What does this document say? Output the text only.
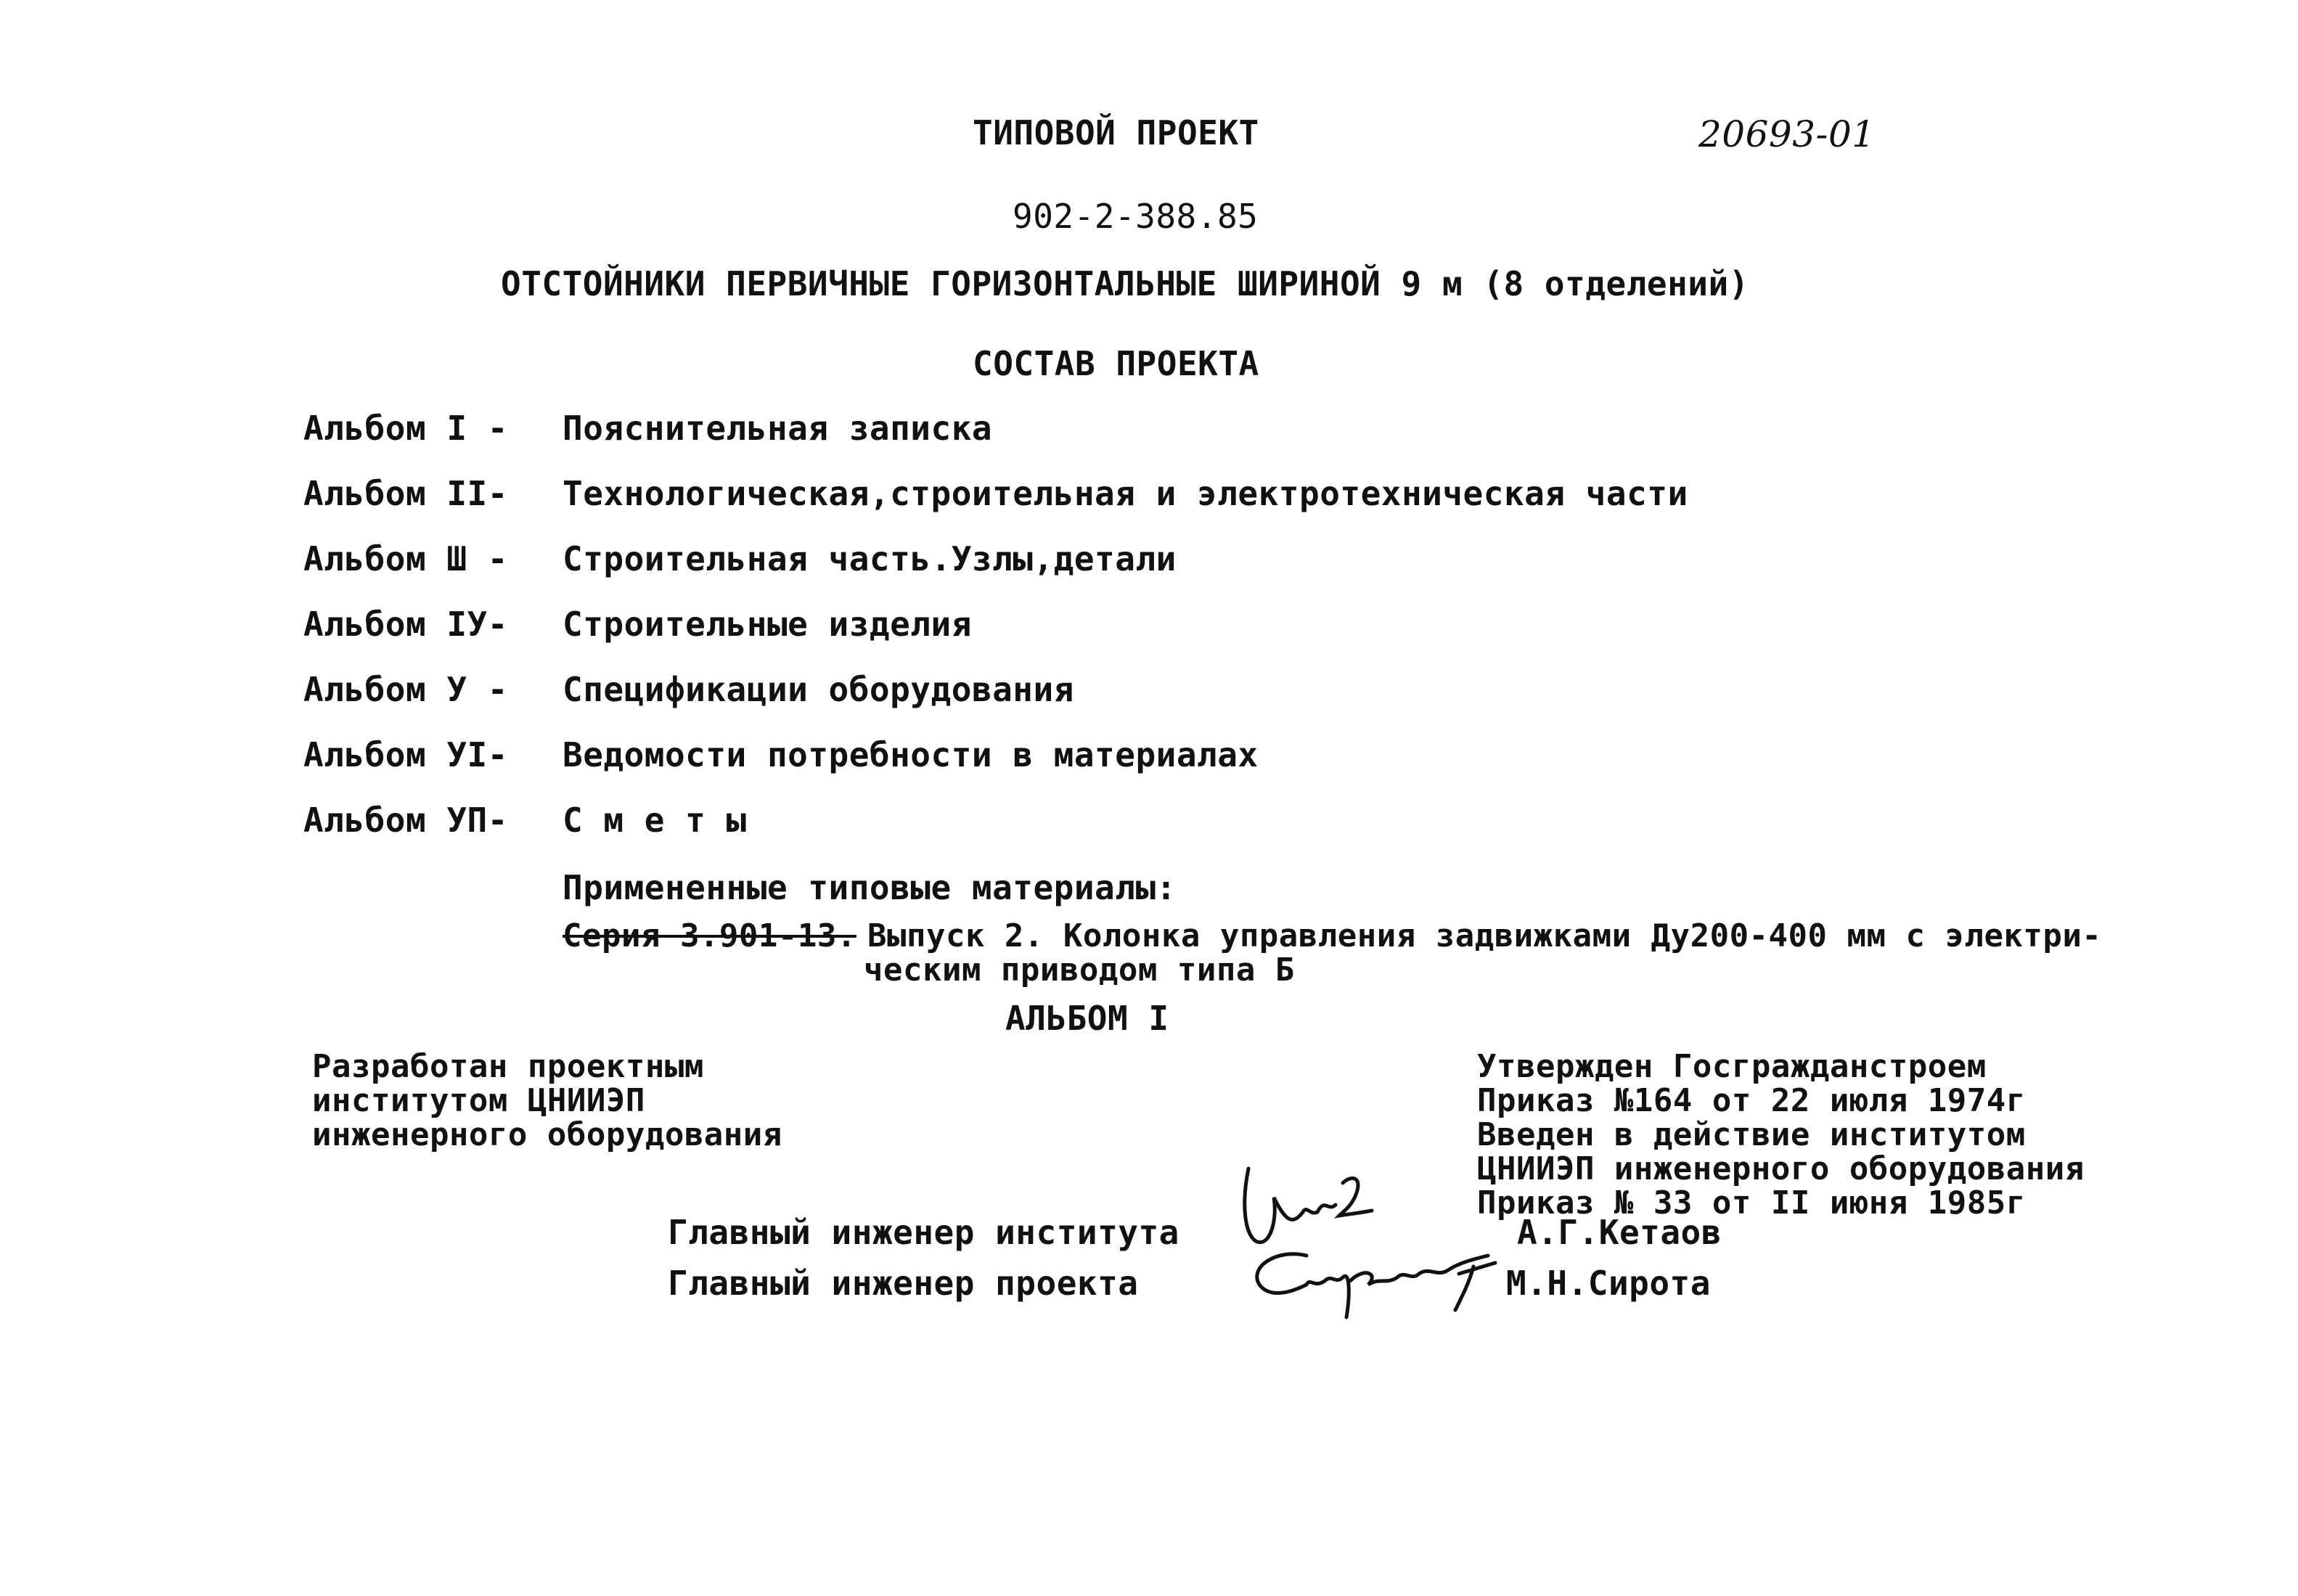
ТИПОВОЙ ПРОЕКТ	20693-01
902-2-388.85
ОТСТОЙНИКИ ПЕРВИЧНЫЕ ГОРИЗОНТАЛЬНЫЕ ШИРИНОЙ 9 м (8 отделений)
СОСТАВ ПРОЕКТА
Альбом I - Пояснительная записка
Альбом II- Технологическая,строительная и электротехническая части
Альбом Ш - Строительная часть.Узлы,детали
Альбом IУ- Строительные изделия
Альбом У - Спецификации оборудования
Альбом УI- Ведомости потребности в материалах
Альбом УП- С м е т ы
Примененные типовые материалы:
Серия 3.901-13. Выпуск 2. Колонка управления задвижками Ду200-400 мм с электри-
ческим приводом типа Б
АЛЬБОМ I
Разработан проектным
институтом ЦНИИЭП
инженерного оборудования
Утвержден Госгражданстроем
Приказ №164 от 22 июля 1974г
Введен в действие институтом
ЦНИИЭП инженерного оборудования
Приказ № 33 от II июня 1985г
Главный инженер института	А.Г.Кетаов
Главный инженер проекта	М.Н.Сирота
